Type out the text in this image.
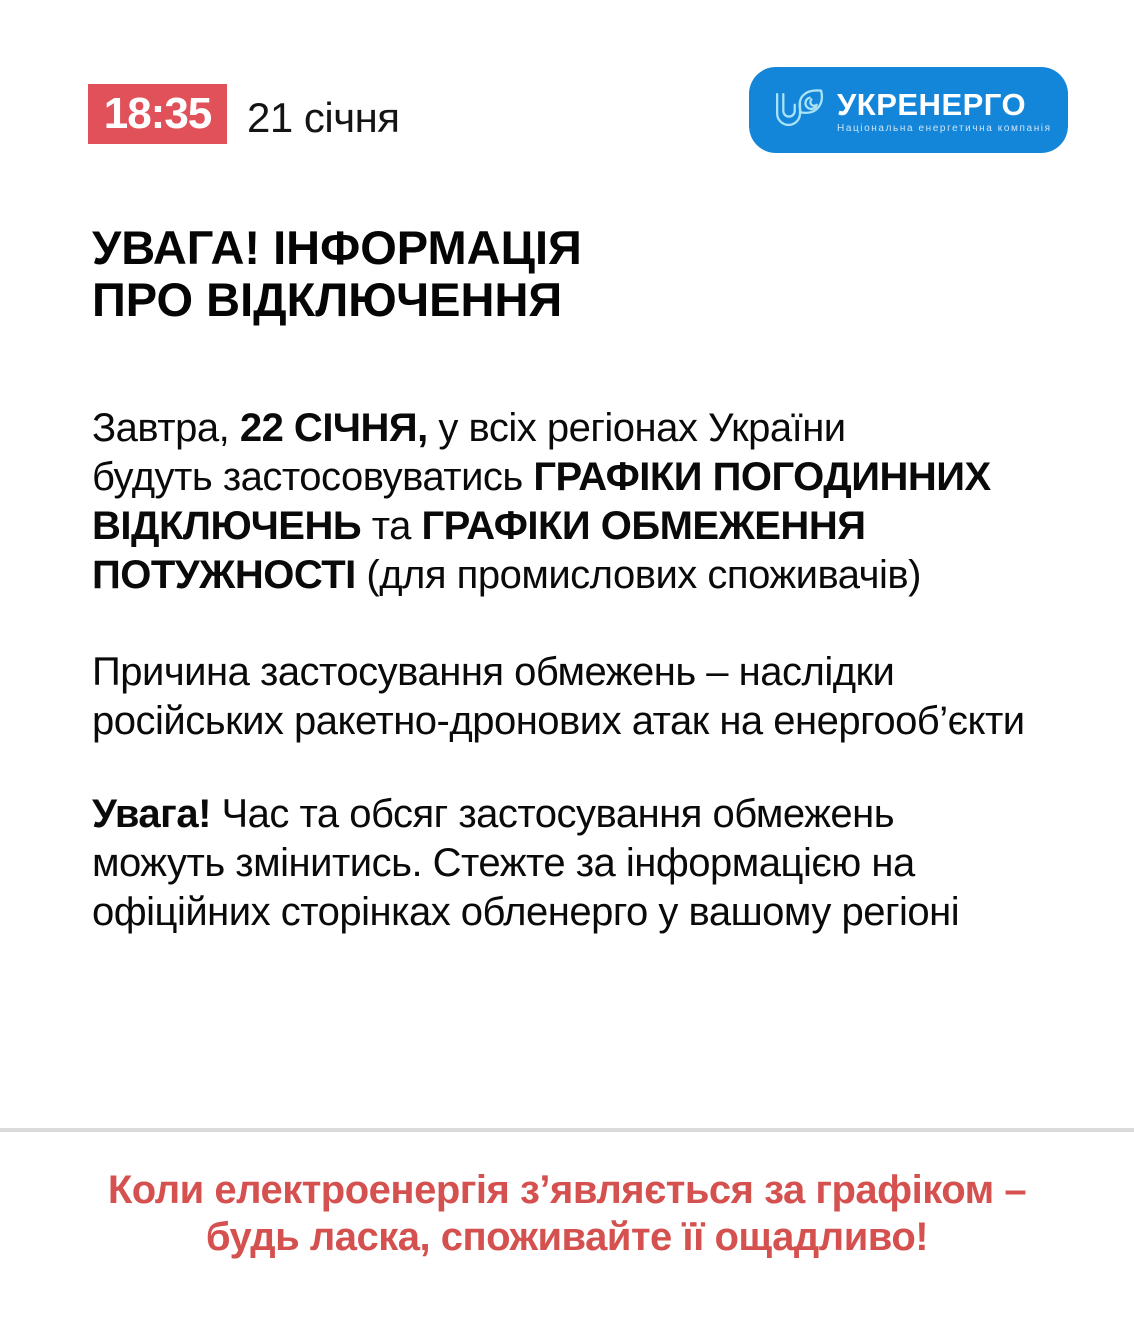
18:35 21 січня	УКРЕНЕРГО
Національна енергетична компанія
УВАГА! ІНФОРМАЦІЯ
ПРО ВІДКЛЮЧЕННЯ

Завтра, 22 СІЧНЯ, у всіх регіонах України
будуть застосовуватись ГРАФІКИ ПОГОДИННИХ
ВІДКЛЮЧЕНЬ та ГРАФІКИ ОБМЕЖЕННЯ
ПОТУЖНОСТІ (для промислових споживачів)

Причина застосування обмежень – наслідки
російських ракетно-дронових атак на енергооб’єкти

Увага! Час та обсяг застосування обмежень
можуть змінитись. Стежте за інформацією на
офіційних сторінках обленерго у вашому регіоні

Коли електроенергія з’являється за графіком –
будь ласка, споживайте її ощадливо!
